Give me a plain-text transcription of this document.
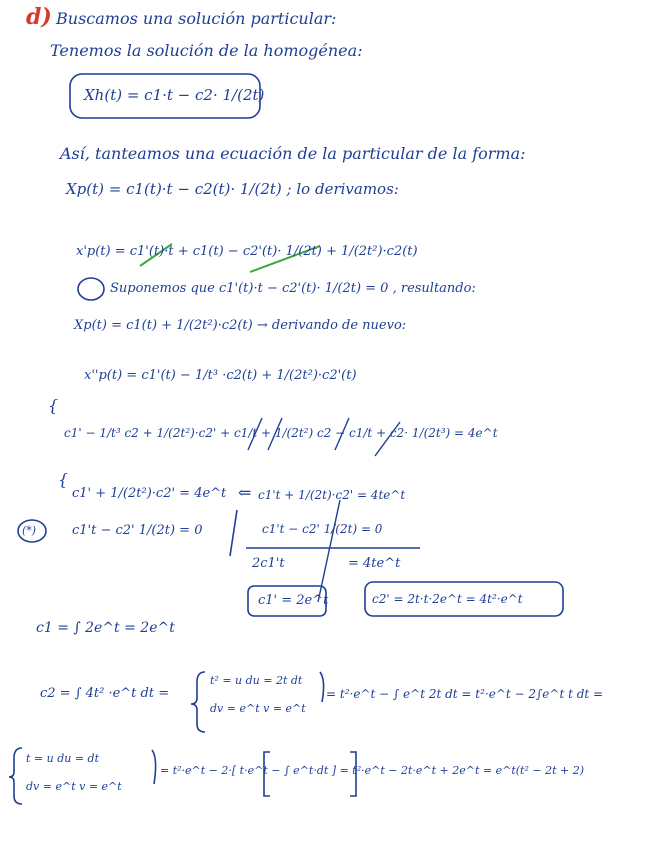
d) Buscamos una solución particular:
Tenemos la solución de la homogénea:
Xh(t) = c1·t − c2· 1/(2t)
Así, tanteamos una ecuación de la particular de la forma:
Xp(t) = c1(t)·t − c2(t)· 1/(2t) ; lo derivamos:
x'p(t) = c1'(t)·t + c1(t) − c2'(t)· 1/(2t) + 1/(2t²)·c2(t)
Suponemos que c1'(t)·t − c2'(t)· 1/(2t) = 0 , resultando:
Xp(t) = c1(t) + 1/(2t²)·c2(t) → derivando de nuevo:
x''p(t) = c1'(t) − 1/t³ ·c2(t) + 1/(2t²)·c2'(t)
{
c1' − 1/t³ c2 + 1/(2t²)·c2' + c1/t + 1/(2t²) c2 − c1/t + c2· 1/(2t³) = 4e^t
{
c1' + 1/(2t²)·c2' = 4e^t ⇐
(*)	c1't − c2' 1/(2t) = 0
c1't + 1/(2t)·c2' = 4te^t
c1't − c2' 1/(2t) = 0
2c1't	= 4te^t
c1' = 2e^t	c2' = 2t·t·2e^t = 4t²·e^t
c1 = ∫ 2e^t = 2e^t
c2 = ∫ 4t² ·e^t dt =
t² = u du = 2t dt
dv = e^t v = e^t
= t²·e^t − ∫ e^t 2t dt = t²·e^t − 2∫e^t t dt =
t = u du = dt
dv = e^t v = e^t
= t²·e^t − 2·[ t·e^t − ∫ e^t·dt ] = t²·e^t − 2t·e^t + 2e^t = e^t(t² − 2t + 2)
